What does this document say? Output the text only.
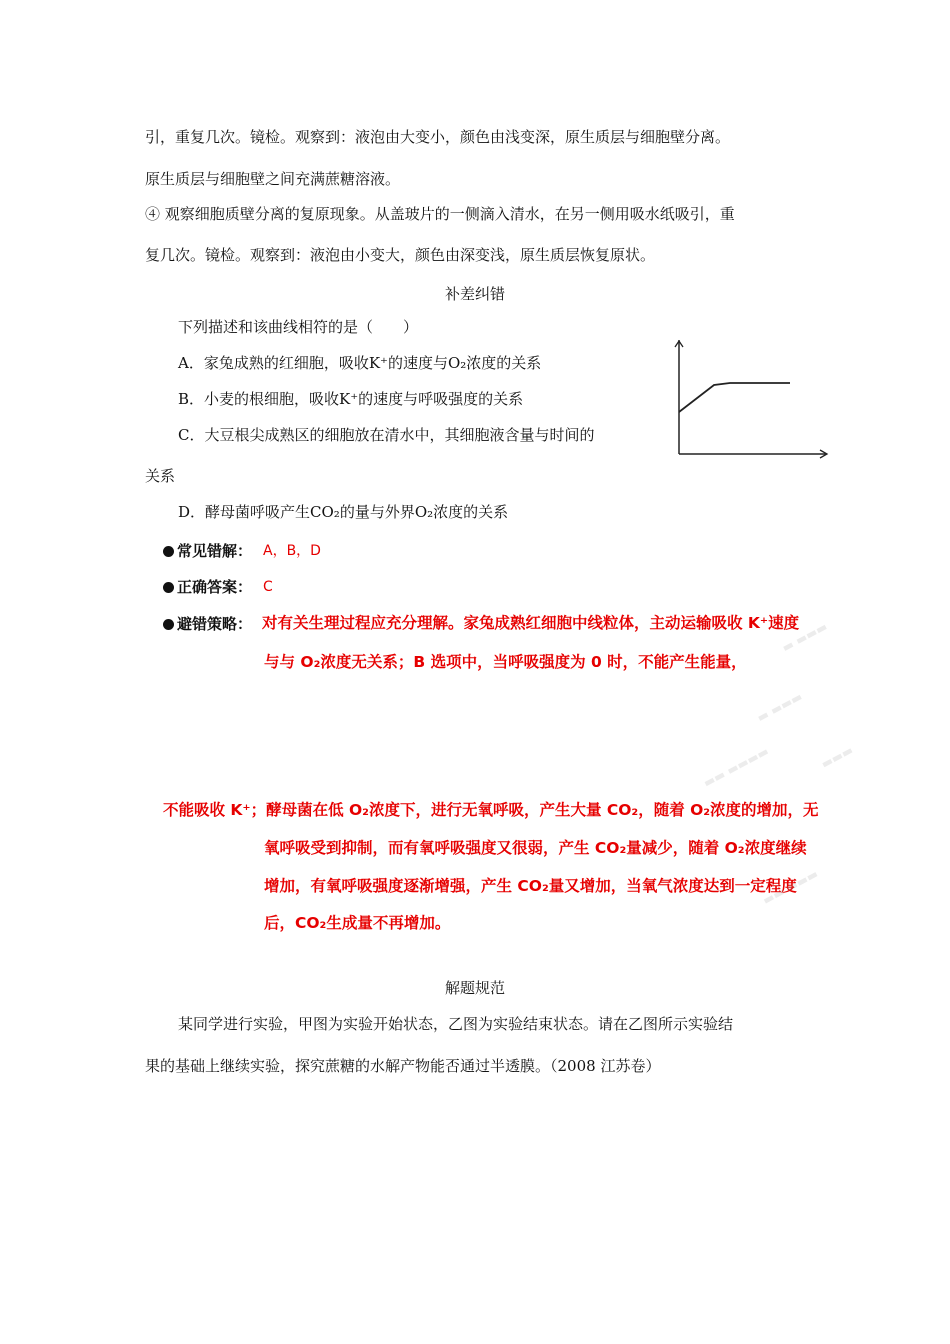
引，重复几次。镜检。观察到：液泡由大变小，颜色由浅变深，原生质层与细胞壁分离。
原生质层与细胞壁之间充满蔗糖溶液。
④ 观察细胞质壁分离的复原现象。从盖玻片的一侧滴入清水，在另一侧用吸水纸吸引，重
复几次。镜检。观察到：液泡由小变大，颜色由深变浅，原生质层恢复原状。
补差纠错
下列描述和该曲线相符的是（　　）
A．家兔成熟的红细胞，吸收K⁺的速度与O₂浓度的关系
B．小麦的根细胞，吸收K⁺的速度与呼吸强度的关系
C．大豆根尖成熟区的细胞放在清水中，其细胞液含量与时间的
关系
D．酵母菌呼吸产生CO₂的量与外界O₂浓度的关系
常见错解： A，B，D
正确答案： C
避错策略： 对有关生理过程应充分理解。家兔成熟红细胞中线粒体，主动运输吸收 K⁺速度
与与 O₂浓度无关系；B 选项中，当呼吸强度为 0 时，不能产生能量，
不能吸收 K⁺；酵母菌在低 O₂浓度下，进行无氧呼吸，产生大量 CO₂，随着 O₂浓度的增加，无
氧呼吸受到抑制，而有氧呼吸强度又很弱，产生 CO₂量减少，随着 O₂浓度继续
增加，有氧呼吸强度逐渐增强，产生 CO₂量又增加，当氧气浓度达到一定程度
后，CO₂生成量不再增加。
▬ ▬▬▬
▬ ▬▬▬
▬▬ ▬▬▬▬	▬▬▬
▬▬ ▬▬▬
解题规范
某同学进行实验，甲图为实验开始状态，乙图为实验结束状态。请在乙图所示实验结
果的基础上继续实验，探究蔗糖的水解产物能否通过半透膜。（2008 江苏卷）
